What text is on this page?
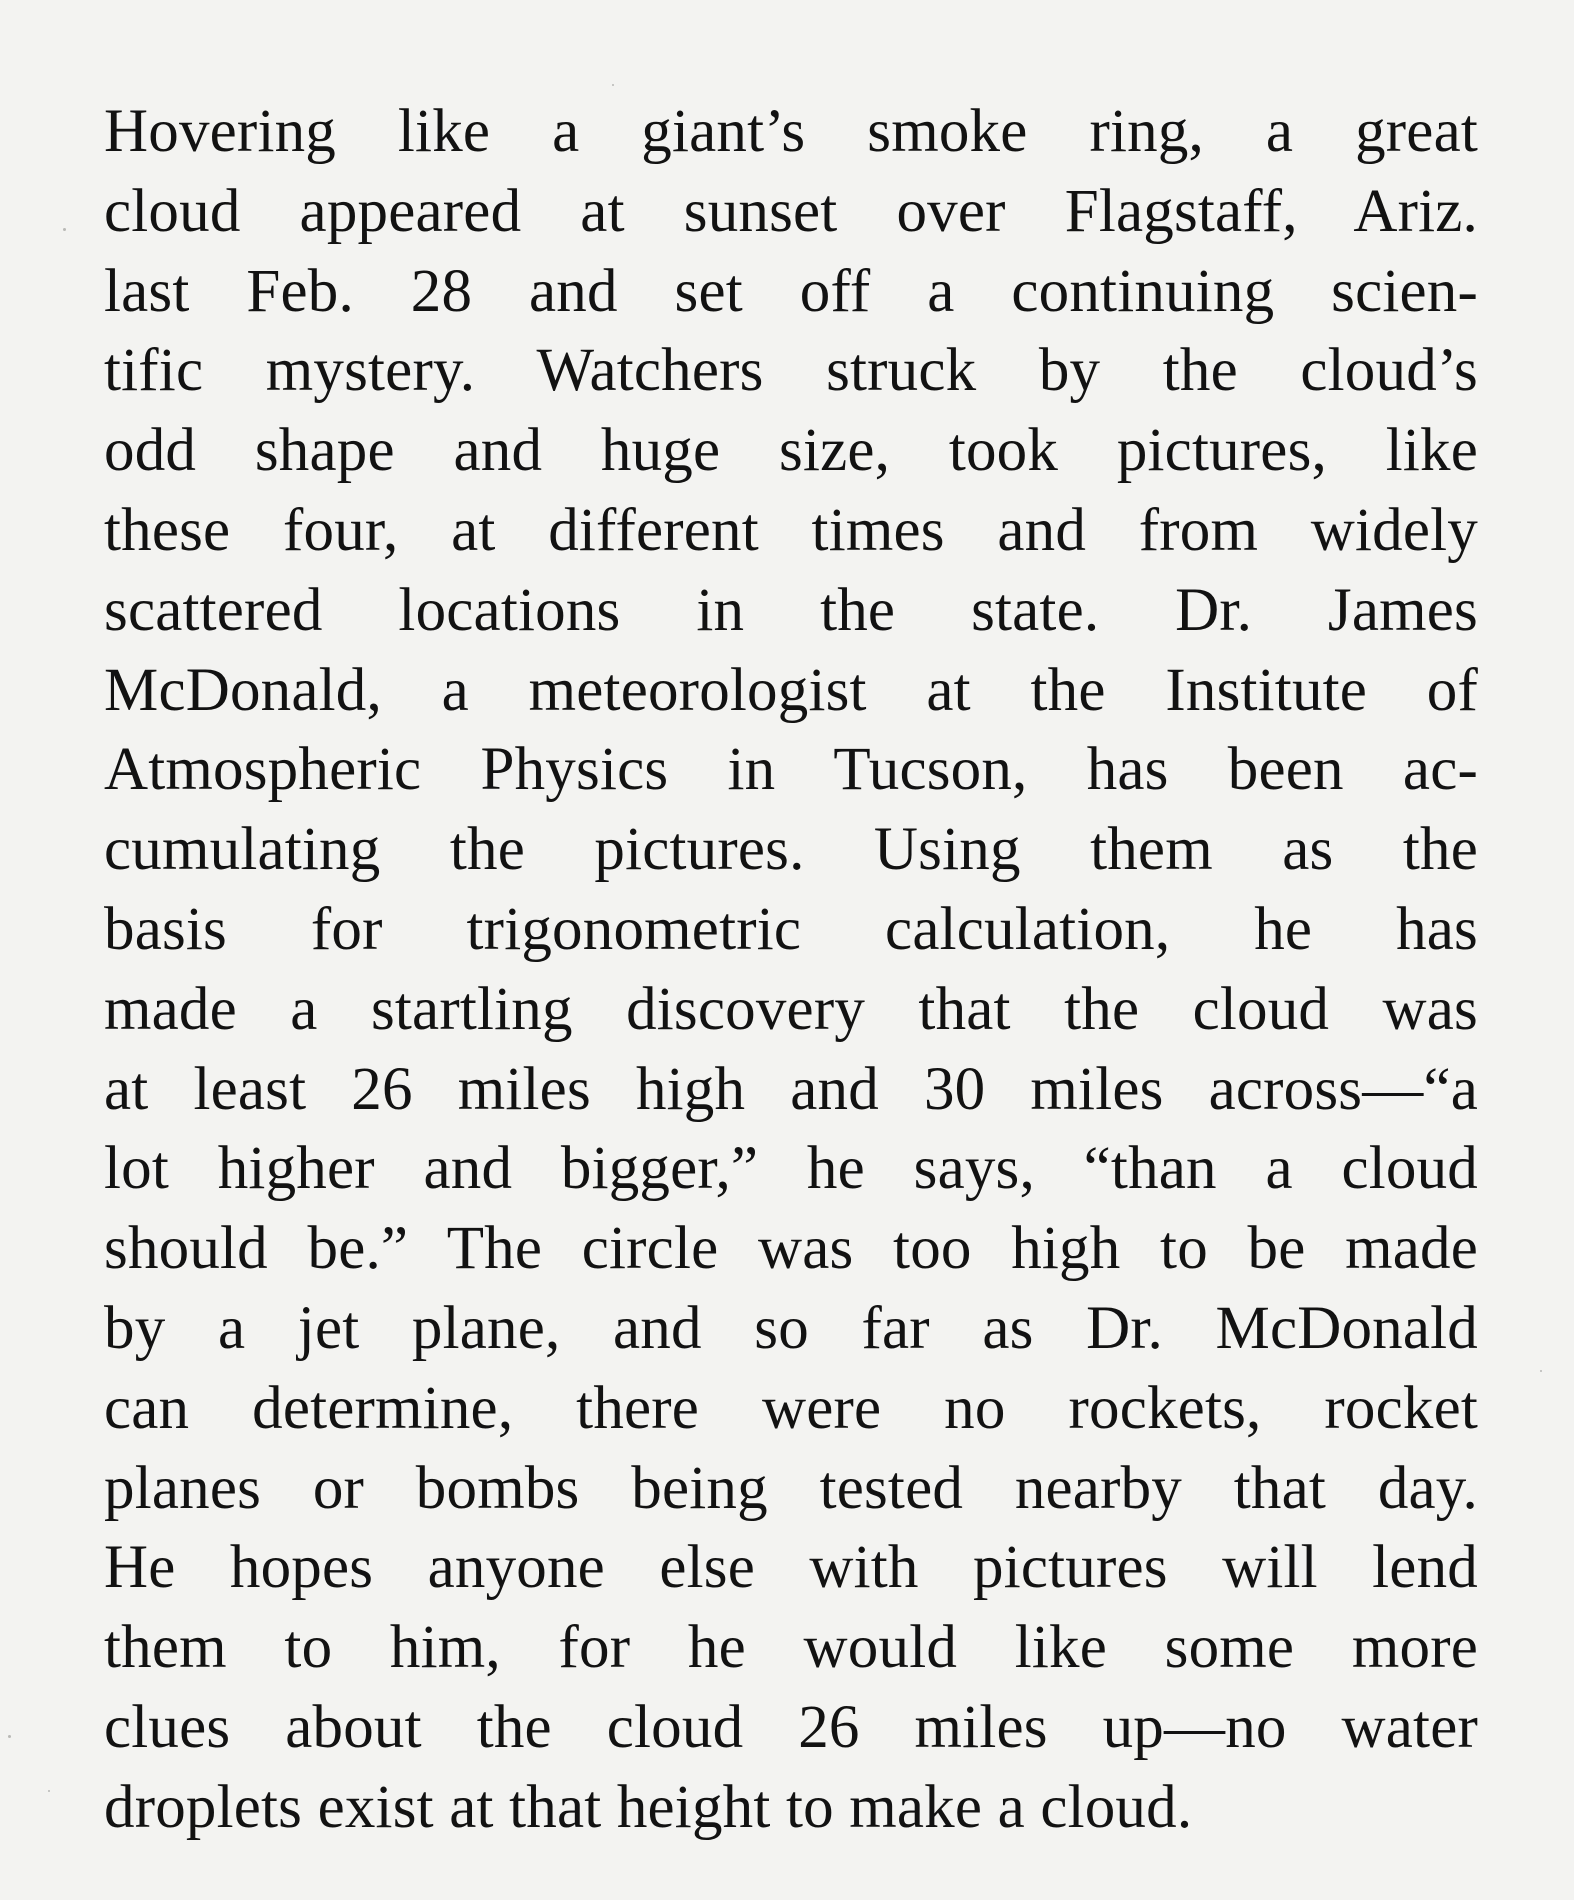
Hovering like a giant’s smoke ring, a great
cloud appeared at sunset over Flagstaff, Ariz.
last Feb. 28 and set off a continuing scien-
tific mystery. Watchers struck by the cloud’s
odd shape and huge size, took pictures, like
these four, at different times and from widely
scattered locations in the state. Dr. James
McDonald, a meteorologist at the Institute of
Atmospheric Physics in Tucson, has been ac-
cumulating the pictures. Using them as the
basis for trigonometric calculation, he has
made a startling discovery that the cloud was
at least 26 miles high and 30 miles across—“a
lot higher and bigger,” he says, “than a cloud
should be.” The circle was too high to be made
by a jet plane, and so far as Dr. McDonald
can determine, there were no rockets, rocket
planes or bombs being tested nearby that day.
He hopes anyone else with pictures will lend
them to him, for he would like some more
clues about the cloud 26 miles up—no water
droplets exist at that height to make a cloud.
